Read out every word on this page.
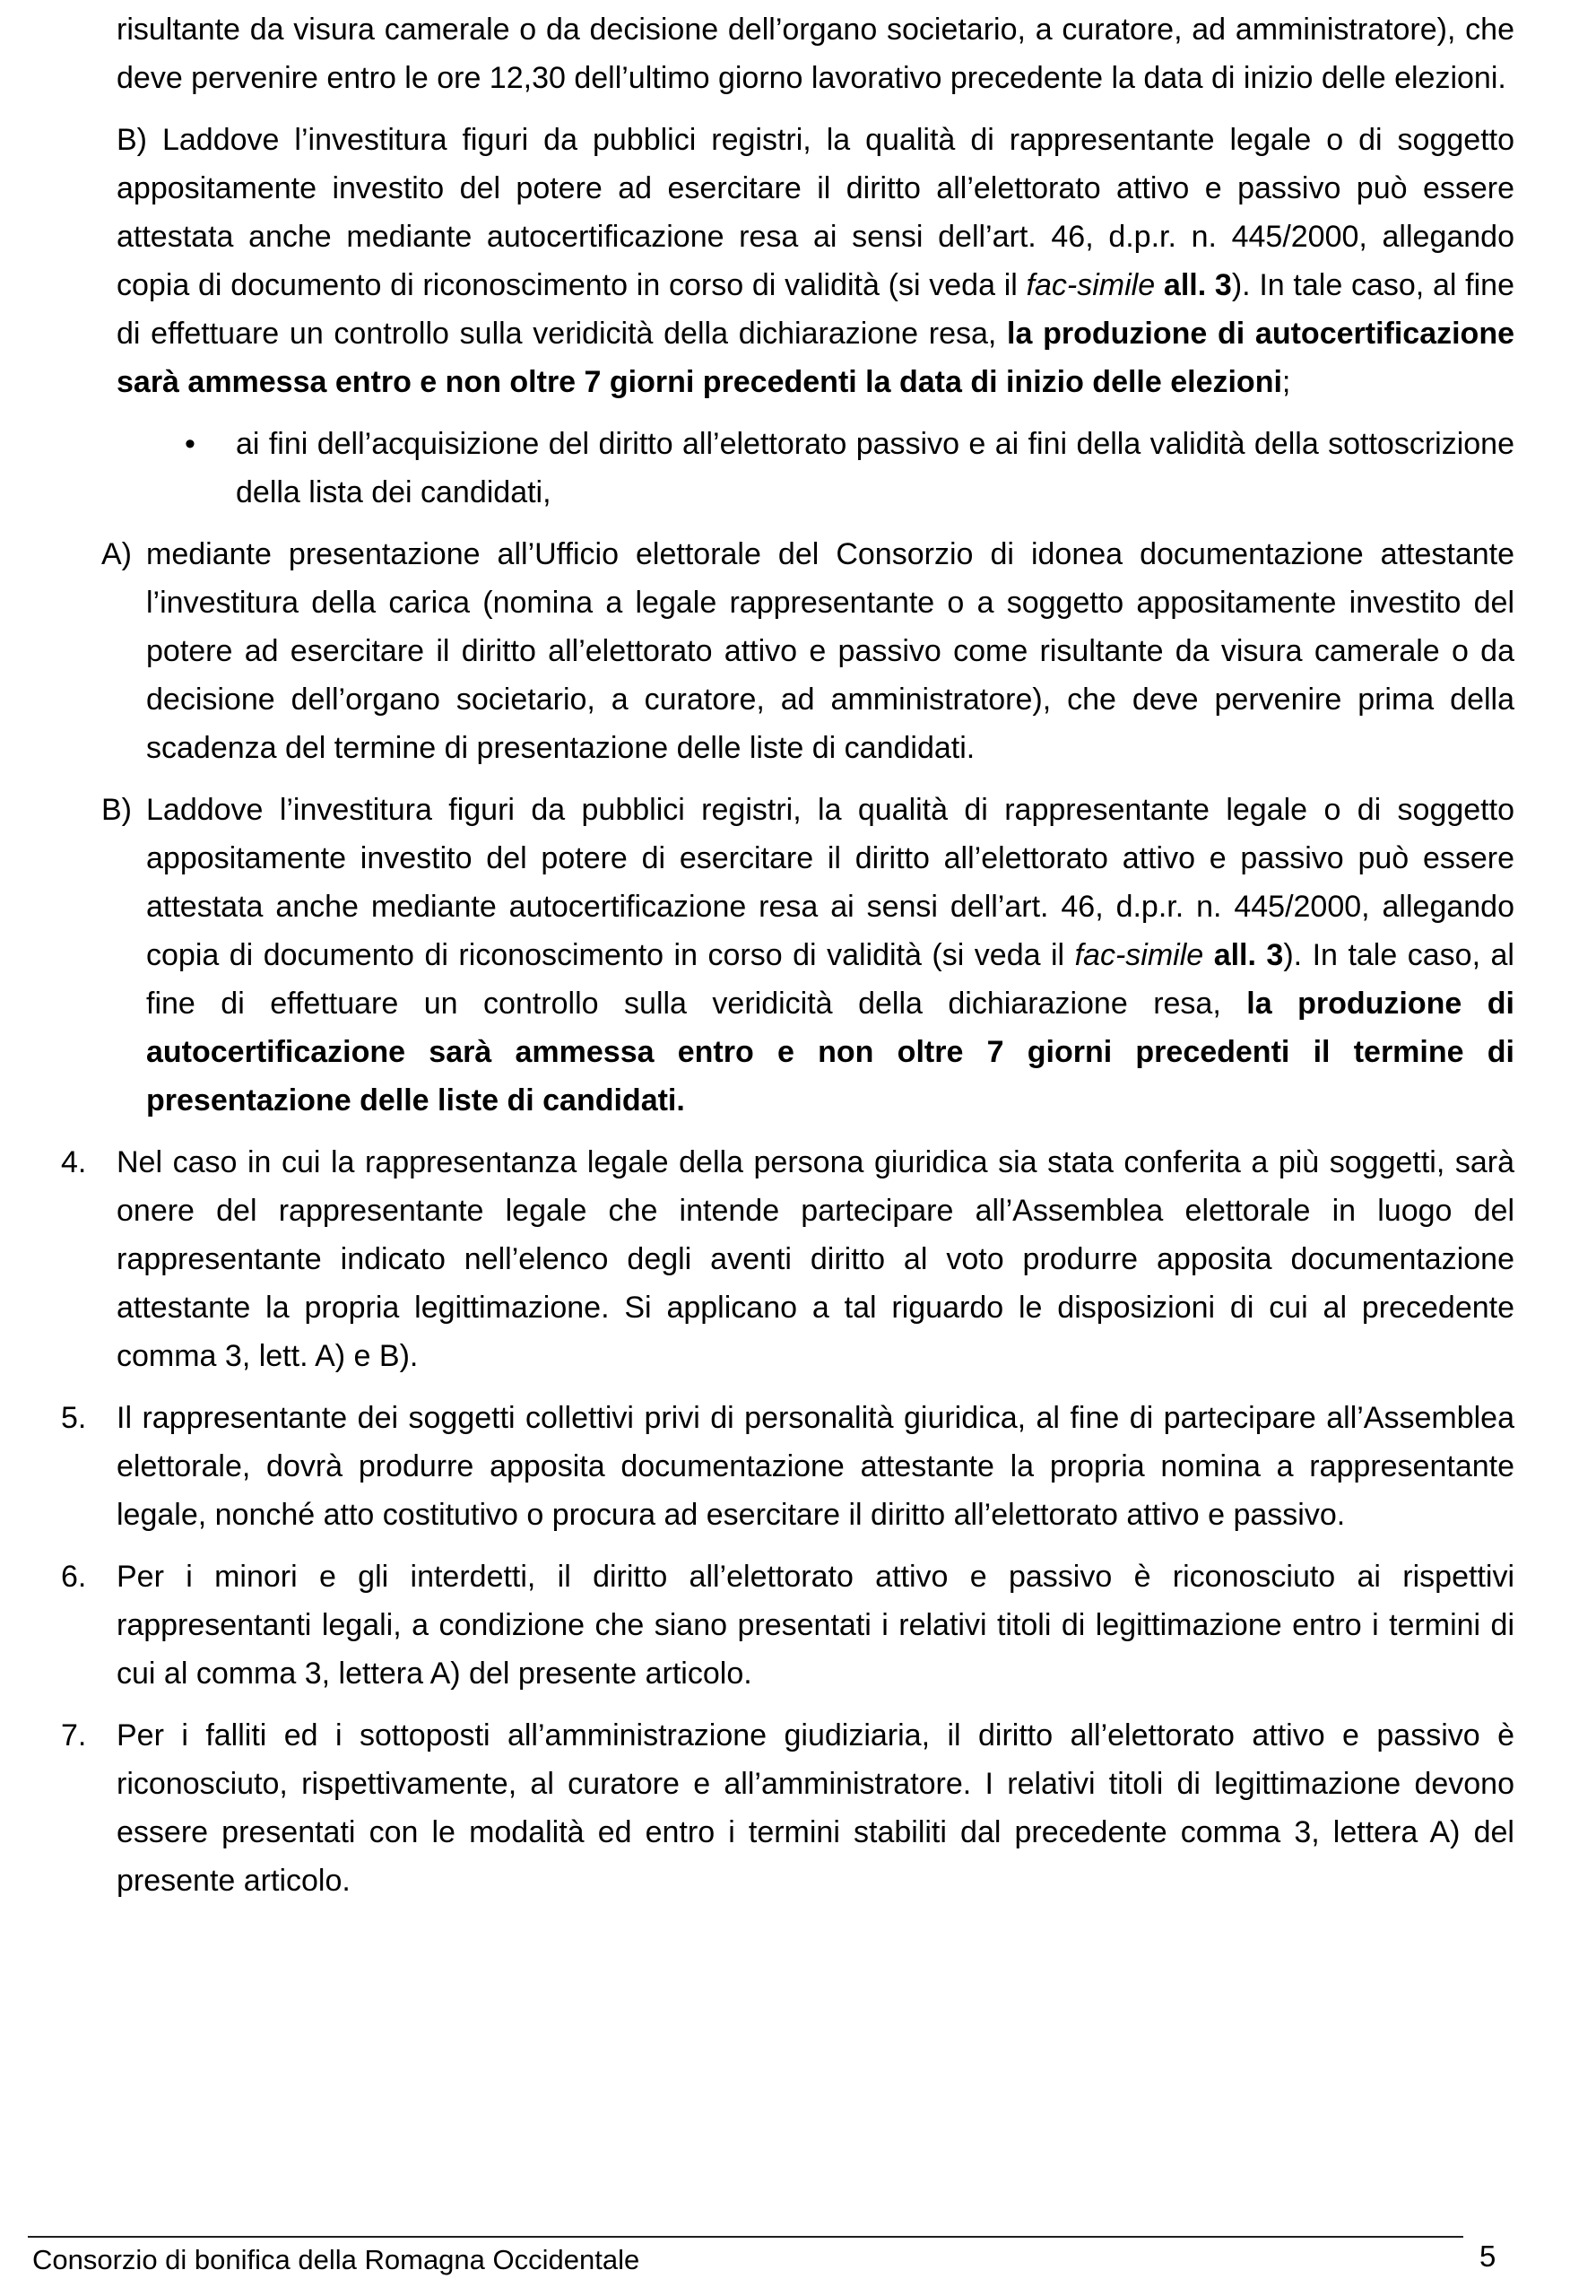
risultante da visura camerale o da decisione dell’organo societario, a curatore, ad amministratore), che deve pervenire entro le ore 12,30 dell’ultimo giorno lavorativo precedente la data di inizio delle elezioni.
B) Laddove l’investitura figuri da pubblici registri, la qualità di rappresentante legale o di soggetto appositamente investito del potere ad esercitare il diritto all’elettorato attivo e passivo può essere attestata anche mediante autocertificazione resa ai sensi dell’art. 46, d.p.r. n. 445/2000, allegando copia di documento di riconoscimento in corso di validità (si veda il fac-simile all. 3). In tale caso, al fine di effettuare un controllo sulla veridicità della dichiarazione resa, la produzione di autocertificazione sarà ammessa entro e non oltre 7 giorni precedenti la data di inizio delle elezioni;
• ai fini dell’acquisizione del diritto all’elettorato passivo e ai fini della validità della sottoscrizione della lista dei candidati,
A) mediante presentazione all’Ufficio elettorale del Consorzio di idonea documentazione attestante l’investitura della carica (nomina a legale rappresentante o a soggetto appositamente investito del potere ad esercitare il diritto all’elettorato attivo e passivo come risultante da visura camerale o da decisione dell’organo societario, a curatore, ad amministratore), che deve pervenire prima della scadenza del termine di presentazione delle liste di candidati.
B) Laddove l’investitura figuri da pubblici registri, la qualità di rappresentante legale o di soggetto appositamente investito del potere di esercitare il diritto all’elettorato attivo e passivo può essere attestata anche mediante autocertificazione resa ai sensi dell’art. 46, d.p.r. n. 445/2000, allegando copia di documento di riconoscimento in corso di validità (si veda il fac-simile all. 3). In tale caso, al fine di effettuare un controllo sulla veridicità della dichiarazione resa, la produzione di autocertificazione sarà ammessa entro e non oltre 7 giorni precedenti il termine di presentazione delle liste di candidati.
4. Nel caso in cui la rappresentanza legale della persona giuridica sia stata conferita a più soggetti, sarà onere del rappresentante legale che intende partecipare all’Assemblea elettorale in luogo del rappresentante indicato nell’elenco degli aventi diritto al voto produrre apposita documentazione attestante la propria legittimazione. Si applicano a tal riguardo le disposizioni di cui al precedente comma 3, lett. A) e B).
5. Il rappresentante dei soggetti collettivi privi di personalità giuridica, al fine di partecipare all’Assemblea elettorale, dovrà produrre apposita documentazione attestante la propria nomina a rappresentante legale, nonché atto costitutivo o procura ad esercitare il diritto all’elettorato attivo e passivo.
6. Per i minori e gli interdetti, il diritto all’elettorato attivo e passivo è riconosciuto ai rispettivi rappresentanti legali, a condizione che siano presentati i relativi titoli di legittimazione entro i termini di cui al comma 3, lettera A) del presente articolo.
7. Per i falliti ed i sottoposti all’amministrazione giudiziaria, il diritto all’elettorato attivo e passivo è riconosciuto, rispettivamente, al curatore e all’amministratore. I relativi titoli di legittimazione devono essere presentati con le modalità ed entro i termini stabiliti dal precedente comma 3, lettera A) del presente articolo.
Consorzio di bonifica della Romagna Occidentale	5
